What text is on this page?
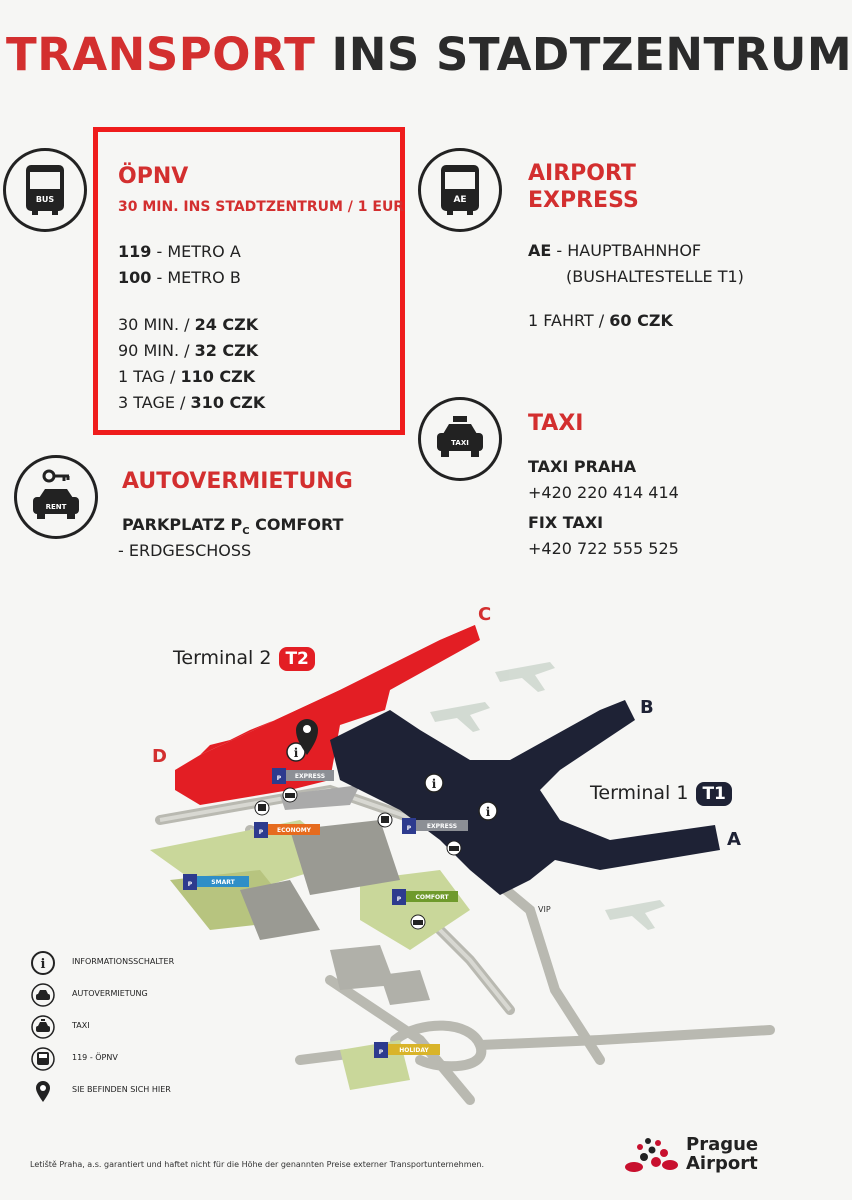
TRANSPORT INS STADTZENTRUM
BUS
ÖPNV
30 MIN. INS STADTZENTRUM / 1 EUR
119 - METRO A
100 - METRO B
30 MIN. / 24 CZK
90 MIN. / 32 CZK
1 TAG / 110 CZK
3 TAGE / 310 CZK
AE
AIRPORT
EXPRESS
AE - HAUPTBAHNHOF
(BUSHALTESTELLE T1)
1 FAHRT / 60 CZK
TAXI
TAXI
TAXI PRAHA
+420 220 414 414
FIX TAXI
+420 722 555 525
RENT
AUTOVERMIETUNG
PARKPLATZ $P_C$ COMFORT
- ERDGESCHOSS
i
i
i
P EXPRESS
P ECONOMY	P	EXPRESS
P	SMART
P COMFORT
P	HOLIDAY
VIP
Terminal 2 T2
Terminal 1 T1
C
D
B
A
i	INFORMATIONSSCHALTER
AUTOVERMIETUNG
TAXI
119 - ÖPNV
SIE BEFINDEN SICH HIER
Letiště Praha, a.s. garantiert und haftet nicht für die Höhe der genannten Preise externer Transportunternehmen.
Prague
Airport
